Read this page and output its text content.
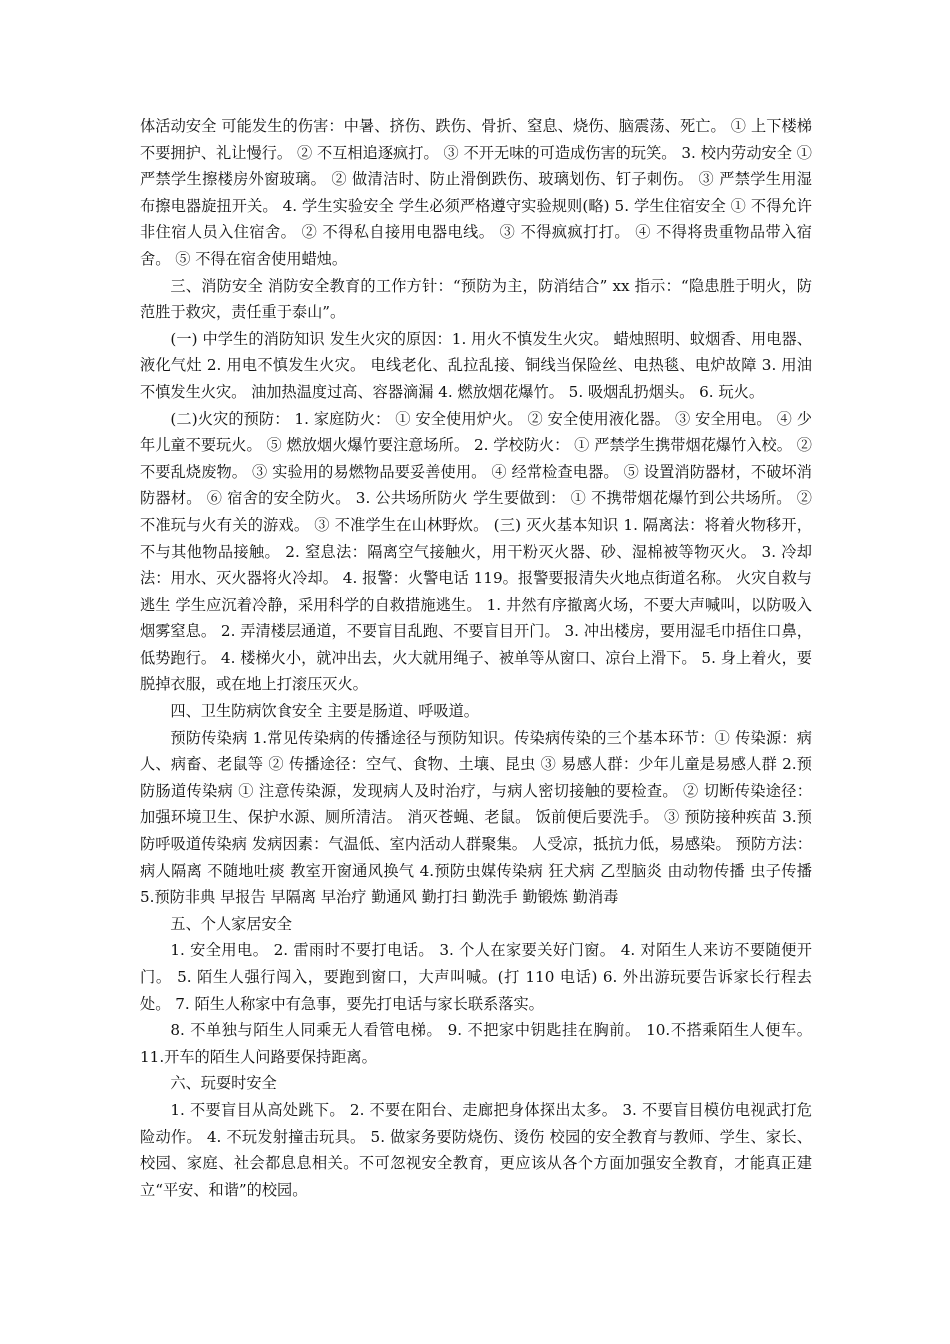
体活动安全 可能发生的伤害：中暑、挤伤、跌伤、骨折、窒息、烧伤、脑震荡、死亡。 ① 上下楼梯不要拥护、礼让慢行。 ② 不互相追逐疯打。 ③ 不开无味的可造成伤害的玩笑。 3. 校内劳动安全 ① 严禁学生擦楼房外窗玻璃。 ② 做清洁时、防止滑倒跌伤、玻璃划伤、钉子刺伤。 ③ 严禁学生用湿布擦电器旋扭开关。 4. 学生实验安全 学生必须严格遵守实验规则(略) 5. 学生住宿安全 ① 不得允许非住宿人员入住宿舍。 ② 不得私自接用电器电线。 ③ 不得疯疯打打。 ④ 不得将贵重物品带入宿舍。 ⑤ 不得在宿舍使用蜡烛。

三、消防安全 消防安全教育的工作方针：“预防为主，防消结合” xx 指示：“隐患胜于明火，防范胜于救灾，责任重于泰山”。

(一) 中学生的消防知识 发生火灾的原因：1. 用火不慎发生火灾。 蜡烛照明、蚊烟香、用电器、液化气灶 2. 用电不慎发生火灾。 电线老化、乱拉乱接、铜线当保险丝、电热毯、电炉故障 3. 用油不慎发生火灾。 油加热温度过高、容器滴漏 4. 燃放烟花爆竹。 5. 吸烟乱扔烟头。 6. 玩火。

(二)火灾的预防： 1. 家庭防火： ① 安全使用炉火。 ② 安全使用液化器。 ③ 安全用电。 ④ 少年儿童不要玩火。 ⑤ 燃放烟火爆竹要注意场所。 2. 学校防火： ① 严禁学生携带烟花爆竹入校。 ② 不要乱烧废物。 ③ 实验用的易燃物品要妥善使用。 ④ 经常检查电器。 ⑤ 设置消防器材，不破坏消防器材。 ⑥ 宿舍的安全防火。 3. 公共场所防火 学生要做到： ① 不携带烟花爆竹到公共场所。 ② 不准玩与火有关的游戏。 ③ 不准学生在山林野炊。 (三) 灭火基本知识 1. 隔离法：将着火物移开，不与其他物品接触。 2. 窒息法：隔离空气接触火，用干粉灭火器、砂、湿棉被等物灭火。 3. 冷却法：用水、灭火器将火冷却。 4. 报警：火警电话 119。报警要报清失火地点街道名称。 火灾自救与逃生 学生应沉着冷静，采用科学的自救措施逃生。 1. 井然有序撤离火场，不要大声喊叫，以防吸入烟雾窒息。 2. 弄清楼层通道，不要盲目乱跑、不要盲目开门。 3. 冲出楼房，要用湿毛巾捂住口鼻，低势跑行。 4. 楼梯火小，就冲出去，火大就用绳子、被单等从窗口、凉台上滑下。 5. 身上着火，要脱掉衣服，或在地上打滚压灭火。

四、卫生防病饮食安全 主要是肠道、呼吸道。

预防传染病 1.常见传染病的传播途径与预防知识。传染病传染的三个基本环节：① 传染源：病人、病畜、老鼠等 ② 传播途径：空气、食物、土壤、昆虫 ③ 易感人群：少年儿童是易感人群 2.预防肠道传染病 ① 注意传染源，发现病人及时治疗，与病人密切接触的要检查。 ② 切断传染途径：加强环境卫生、保护水源、厕所清洁。 消灭苍蝇、老鼠。 饭前便后要洗手。 ③ 预防接种疾苗 3.预防呼吸道传染病 发病因素：气温低、室内活动人群聚集。 人受凉，抵抗力低，易感染。 预防方法： 病人隔离 不随地吐痰 教室开窗通风换气 4.预防虫媒传染病 狂犬病 乙型脑炎 由动物传播 虫子传播 5.预防非典 早报告 早隔离 早治疗 勤通风 勤打扫 勤洗手 勤锻炼 勤消毒

五、个人家居安全

1. 安全用电。 2. 雷雨时不要打电话。 3. 个人在家要关好门窗。 4. 对陌生人来访不要随便开门。 5. 陌生人强行闯入，要跑到窗口，大声叫喊。(打 110 电话) 6. 外出游玩要告诉家长行程去处。 7. 陌生人称家中有急事，要先打电话与家长联系落实。

8. 不单独与陌生人同乘无人看管电梯。 9. 不把家中钥匙挂在胸前。 10.不搭乘陌生人便车。 11.开车的陌生人问路要保持距离。

六、玩耍时安全

1. 不要盲目从高处跳下。 2. 不要在阳台、走廊把身体探出太多。 3. 不要盲目模仿电视武打危险动作。 4. 不玩发射撞击玩具。 5. 做家务要防烧伤、烫伤 校园的安全教育与教师、学生、家长、校园、家庭、社会都息息相关。不可忽视安全教育，更应该从各个方面加强安全教育，才能真正建立“平安、和谐”的校园。
